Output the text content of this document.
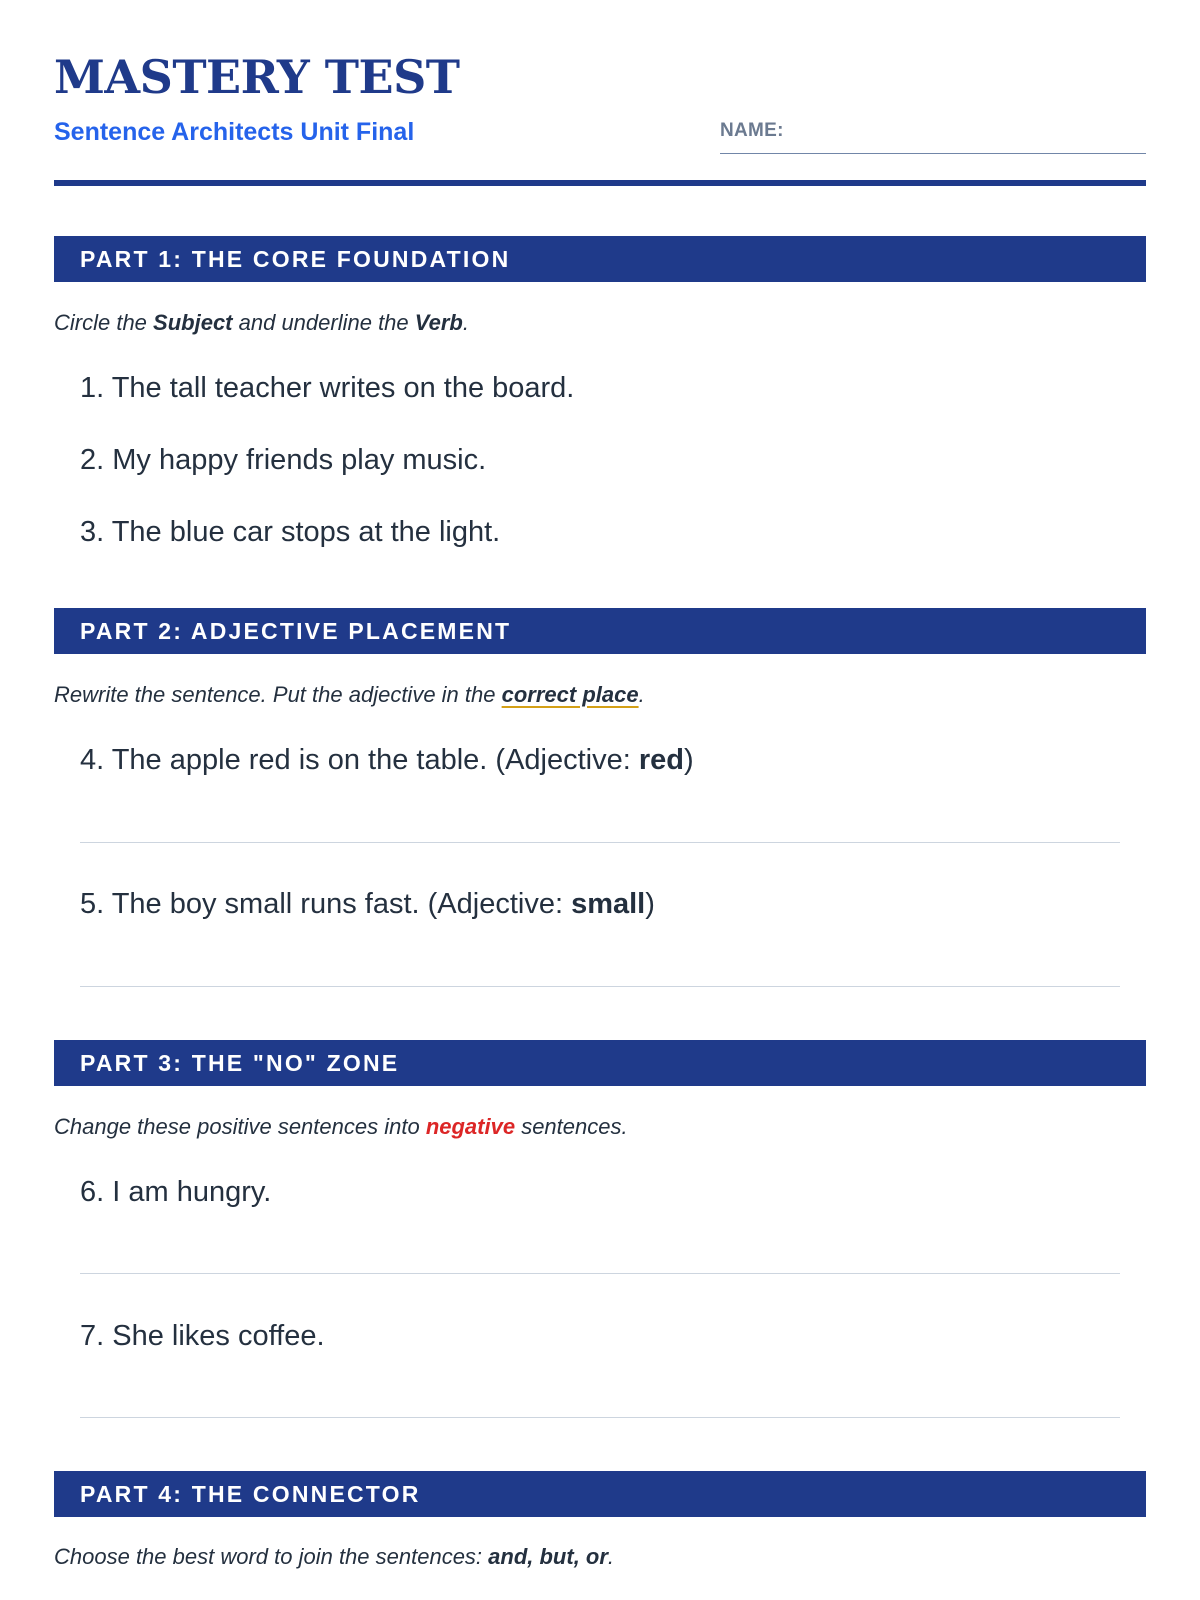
MASTERY TEST
Sentence Architects Unit Final	NAME:
PART 1: THE CORE FOUNDATION
Circle the Subject and underline the Verb.
1. The tall teacher writes on the board.
2. My happy friends play music.
3. The blue car stops at the light.
PART 2: ADJECTIVE PLACEMENT
Rewrite the sentence. Put the adjective in the correct place.
4. The apple red is on the table. (Adjective: red)
5. The boy small runs fast. (Adjective: small)
PART 3: THE "NO" ZONE
Change these positive sentences into negative sentences.
6. I am hungry.
7. She likes coffee.
PART 4: THE CONNECTOR
Choose the best word to join the sentences: and, but, or.
